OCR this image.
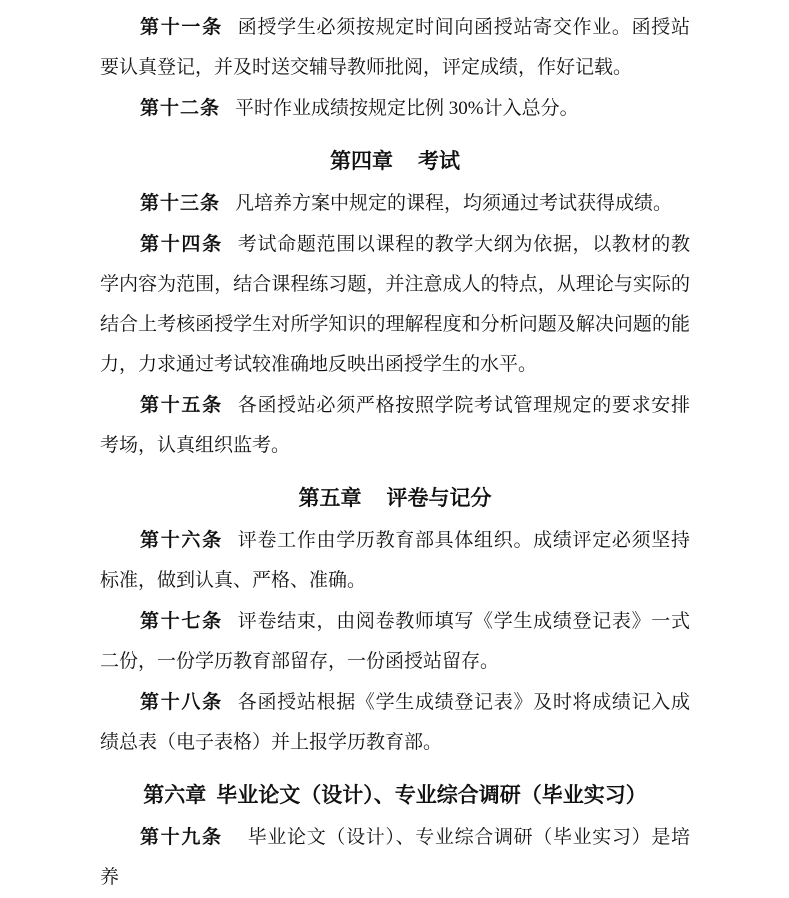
第十一条 函授学生必须按规定时间向函授站寄交作业。函授站要认真登记，并及时送交辅导教师批阅，评定成绩，作好记载。

第十二条 平时作业成绩按规定比例 30%计入总分。

第四章 考试

第十三条 凡培养方案中规定的课程，均须通过考试获得成绩。

第十四条 考试命题范围以课程的教学大纲为依据，以教材的教学内容为范围，结合课程练习题，并注意成人的特点，从理论与实际的结合上考核函授学生对所学知识的理解程度和分析问题及解决问题的能力，力求通过考试较准确地反映出函授学生的水平。

第十五条 各函授站必须严格按照学院考试管理规定的要求安排考场，认真组织监考。

第五章 评卷与记分

第十六条 评卷工作由学历教育部具体组织。成绩评定必须坚持标准，做到认真、严格、准确。

第十七条 评卷结束，由阅卷教师填写《学生成绩登记表》一式二份，一份学历教育部留存，一份函授站留存。

第十八条 各函授站根据《学生成绩登记表》及时将成绩记入成绩总表（电子表格）并上报学历教育部。

第六章 毕业论文（设计）、专业综合调研（毕业实习）

第十九条 毕业论文（设计）、专业综合调研（毕业实习）是培养
